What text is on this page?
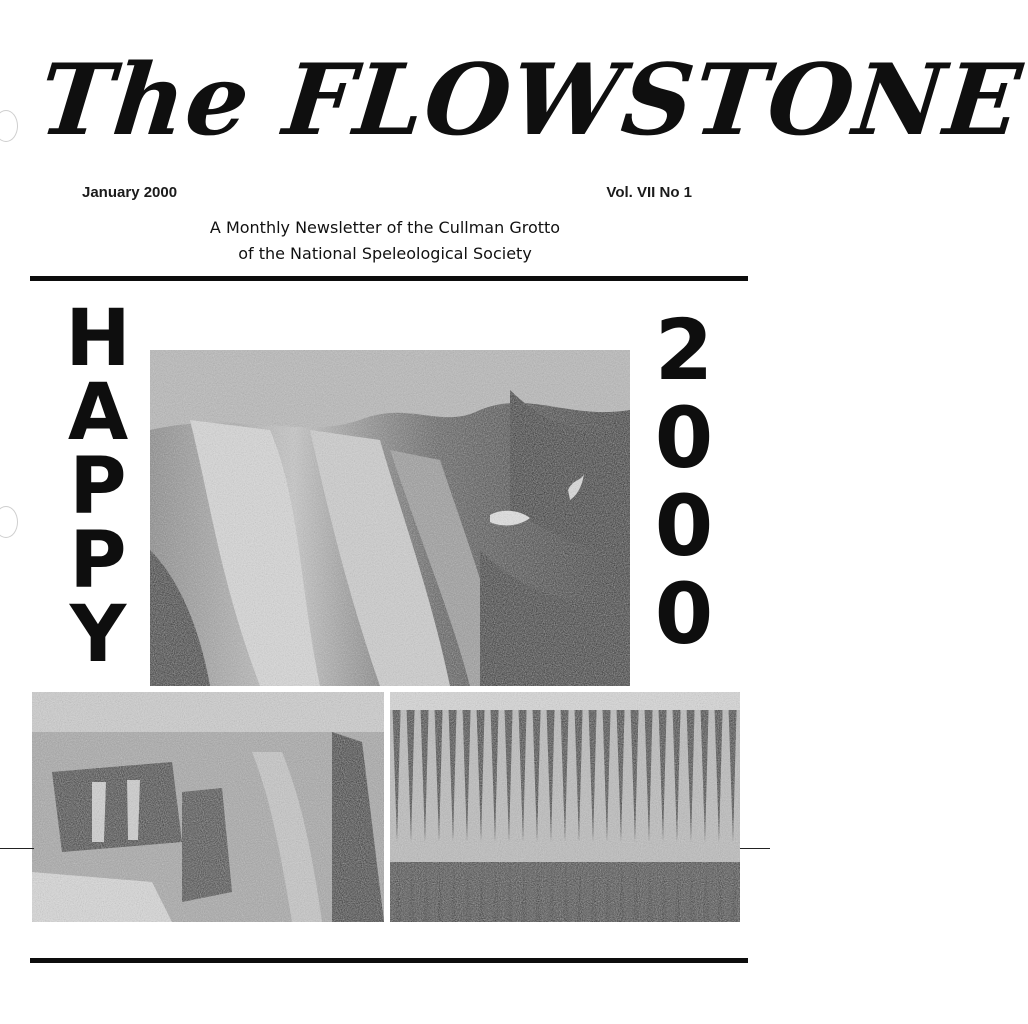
The FLOWSTONE
January 2000	Vol. VII No 1
A Monthly Newsletter of the Cullman Grotto
of the National Speleological Society
H
A
P
P
Y
2
0
0
0
